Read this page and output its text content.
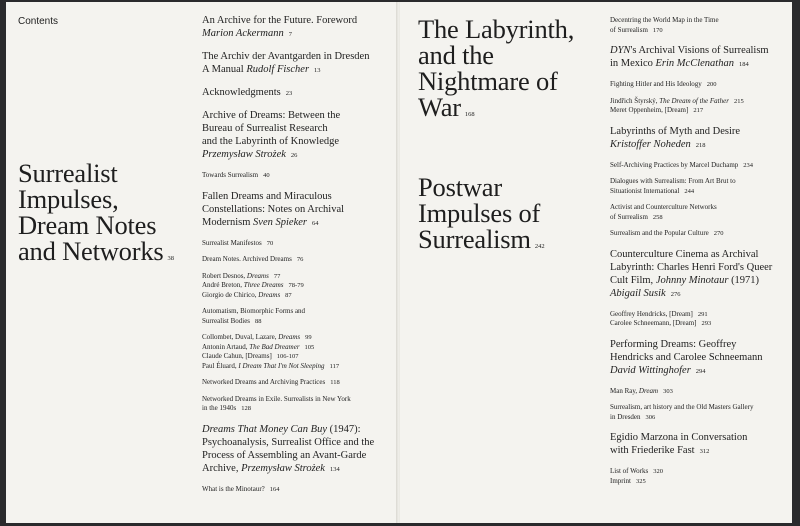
Contents

Surrealist
Impulses,
Dream Notes
and Networks 38
An Archive for the Future. Foreword
Marion Ackermann 7
The Archiv der Avantgarden in Dresden
A Manual Rudolf Fischer 13
Acknowledgments 23
Archive of Dreams: Between the
Bureau of Surrealist Research
and the Labyrinth of Knowledge
Przemysław Strożek 26
Towards Surrealism 40
Fallen Dreams and Miraculous
Constellations: Notes on Archival
Modernism Sven Spieker 64
Surrealist Manifestos 70
Dream Notes. Archived Dreams 76
Robert Desnos, Dreams 77
André Breton, Three Dreams 78-79
Giorgio de Chirico, Dreams 87
Automatism, Biomorphic Forms and
Surrealist Bodies 88
Collombet, Duval, Lazare, Dreams 99
Antonin Artaud, The Bad Dreamer 105
Claude Cahun, [Dreams] 106-107
Paul Éluard, I Dream That I'm Not Sleeping 117
Networked Dreams and Archiving Practices 118
Networked Dreams in Exile. Surrealists in New York
in the 1940s 128
Dreams That Money Can Buy (1947):
Psychoanalysis, Surrealist Office and the
Process of Assembling an Avant-Garde
Archive, Przemysław Strożek 134
What is the Minotaur? 164
The Labyrinth,
and the
Nightmare of
War 168
Postwar
Impulses of
Surrealism 242
Decentring the World Map in the Time
of Surrealism 170
DYN's Archival Visions of Surrealism
in Mexico Erin McClenathan 184
Fighting Hitler and His Ideology 200
Jindřich Štyrský, The Dream of the Father 215
Meret Oppenheim, [Dream] 217
Labyrinths of Myth and Desire
Kristoffer Noheden 218
Self-Archiving Practices by Marcel Duchamp 234
Dialogues with Surrealism: From Art Brut to
Situationist International 244
Activist and Counterculture Networks
of Surrealism 258
Surrealism and the Popular Culture 270
Counterculture Cinema as Archival
Labyrinth: Charles Henri Ford's Queer
Cult Film, Johnny Minotaur (1971) Abigail Susik 276
Geoffrey Hendricks, [Dream] 291
Carolee Schneemann, [Dream] 293
Performing Dreams: Geoffrey
Hendricks and Carolee Schneemann
David Wittinghofer 294
Man Ray, Dream 303
Surrealism, art history and the Old Masters Gallery
in Dresden 306
Egidio Marzona in Conversation
with Friederike Fast 312
List of Works 320
Imprint 325
